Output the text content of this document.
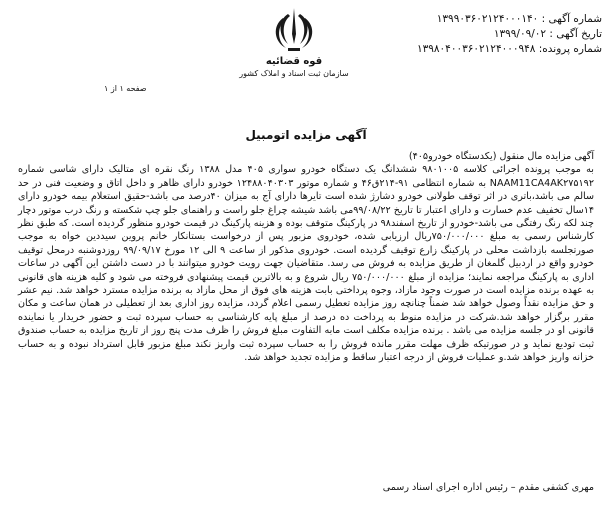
قوه قضائیه
سازمان ثبت اسناد و املاک کشور
شماره آگهی : ۱۳۹۹۰۳۶۰۲۱۲۴۰۰۰۱۴۰
تاریخ آگهی : ۱۳۹۹/۰۹/۰۲
شماره پرونده: ۱۳۹۸۰۴۰۰۳۶۰۲۱۲۴۰۰۰۹۴۸
صفحه ۱ از ۱
آگهی مزایده اتومبیل

آگهی مزایده مال منقول (یکدستگاه خودرو۴۰۵)

به موجب پرونده اجرائی کلاسه ۹۸۰۱۰۰۵ ششدانگ یک دستگاه خودرو سواری ۴۰۵ مدل ۱۳۸۸ رنگ نقره ای متالیک دارای شاسی شماره NAAM11CA4AK۲۷۵۱۹۲ به شماره انتظامی ۹۱-۲۱۴ق۴۶ و شماره موتور ۱۲۴۸۸۰۴۰۳۰۳ خودرو دارای ظاهر و داخل اتاق و وضعیت فنی در حد سالم می باشد،باتری در اثر توقف طولانی خودرو دشارژ شده است تایرها دارای آج به میزان ۴۰درصد می باشد-حقیق استعلام بیمه خودرو دارای ۱۴سال تخفیف عدم خسارت و دارای اعتبار تا تاریخ ۹۹/۰۸/۲۲می باشد شیشه چراغ جلو راست و راهنمای جلو چپ شکسته و رنگ درب موتور دچار چند لکه رنگ رفتگی می باشد-خودرو از تاریخ اسفند۹۸ در پارکینگ متوقف بوده و هزینه پارکینگ در قیمت خودرو منظور گردیده است. که طبق نظر کارشناس رسمی به مبلغ ۷۵۰/۰۰۰/۰۰۰ریال ارزیابی شده، خودروی مزبور پس از درخواست بستانکار خانم پروین سیددین خواه به موجب صورتجلسه بازداشت محلی در پارکینگ زارع توقیف گردیده است. خودروی مذکور از ساعت ۹ الی ۱۲ مورخ ۹۹/۰۹/۱۷ روزدوشنبه درمحل توقیف خودرو واقع در اردبیل گلمغان از طریق مزایده به فروش می رسد. متقاضیان جهت رویت خودرو میتوانند با در دست داشتن این آگهی در ساعات اداری به پارکینگ مراجعه نمایند؛ مزایده از مبلغ ۷۵۰/۰۰۰/۰۰۰ ریال شروع و به بالاترین قیمت پیشنهادی فروخته می شود و کلیه هزینه های قانونی به عهده برنده مزایده است در صورت وجود مازاد، وجوه پرداختی بابت هزینه های فوق از محل مازاد به برنده مزایده مسترد خواهد شد. نیم عشر و حق مزایده نقداً وصول خواهد شد ضمناً چنانچه روز مزایده تعطیل رسمی اعلام گردد، مزایده روز اداری بعد از تعطیلی در همان ساعت و مکان مقرر برگزار خواهد شد.شرکت در مزایده منوط به پرداخت ده درصد از مبلغ پایه کارشناسی به حساب سپرده ثبت و حضور خریدار یا نماینده قانونی او در جلسه مزایده می باشد . برنده مزایده مکلف است مابه التفاوت مبلغ فروش را ظرف مدت پنج روز از تاریخ مزایده به حساب صندوق ثبت تودیع نماید و در صورتیکه ظرف مهلت مقرر مانده فروش را به حساب سپرده ثبت واریز نکند مبلغ مزبور قابل استرداد نبوده و به حساب خزانه واریز خواهد شد.و عملیات فروش از درجه اعتبار ساقط و مزایده تجدید خواهد شد.

مهری کشفی مقدم – رئیس اداره اجرای اسناد رسمی
